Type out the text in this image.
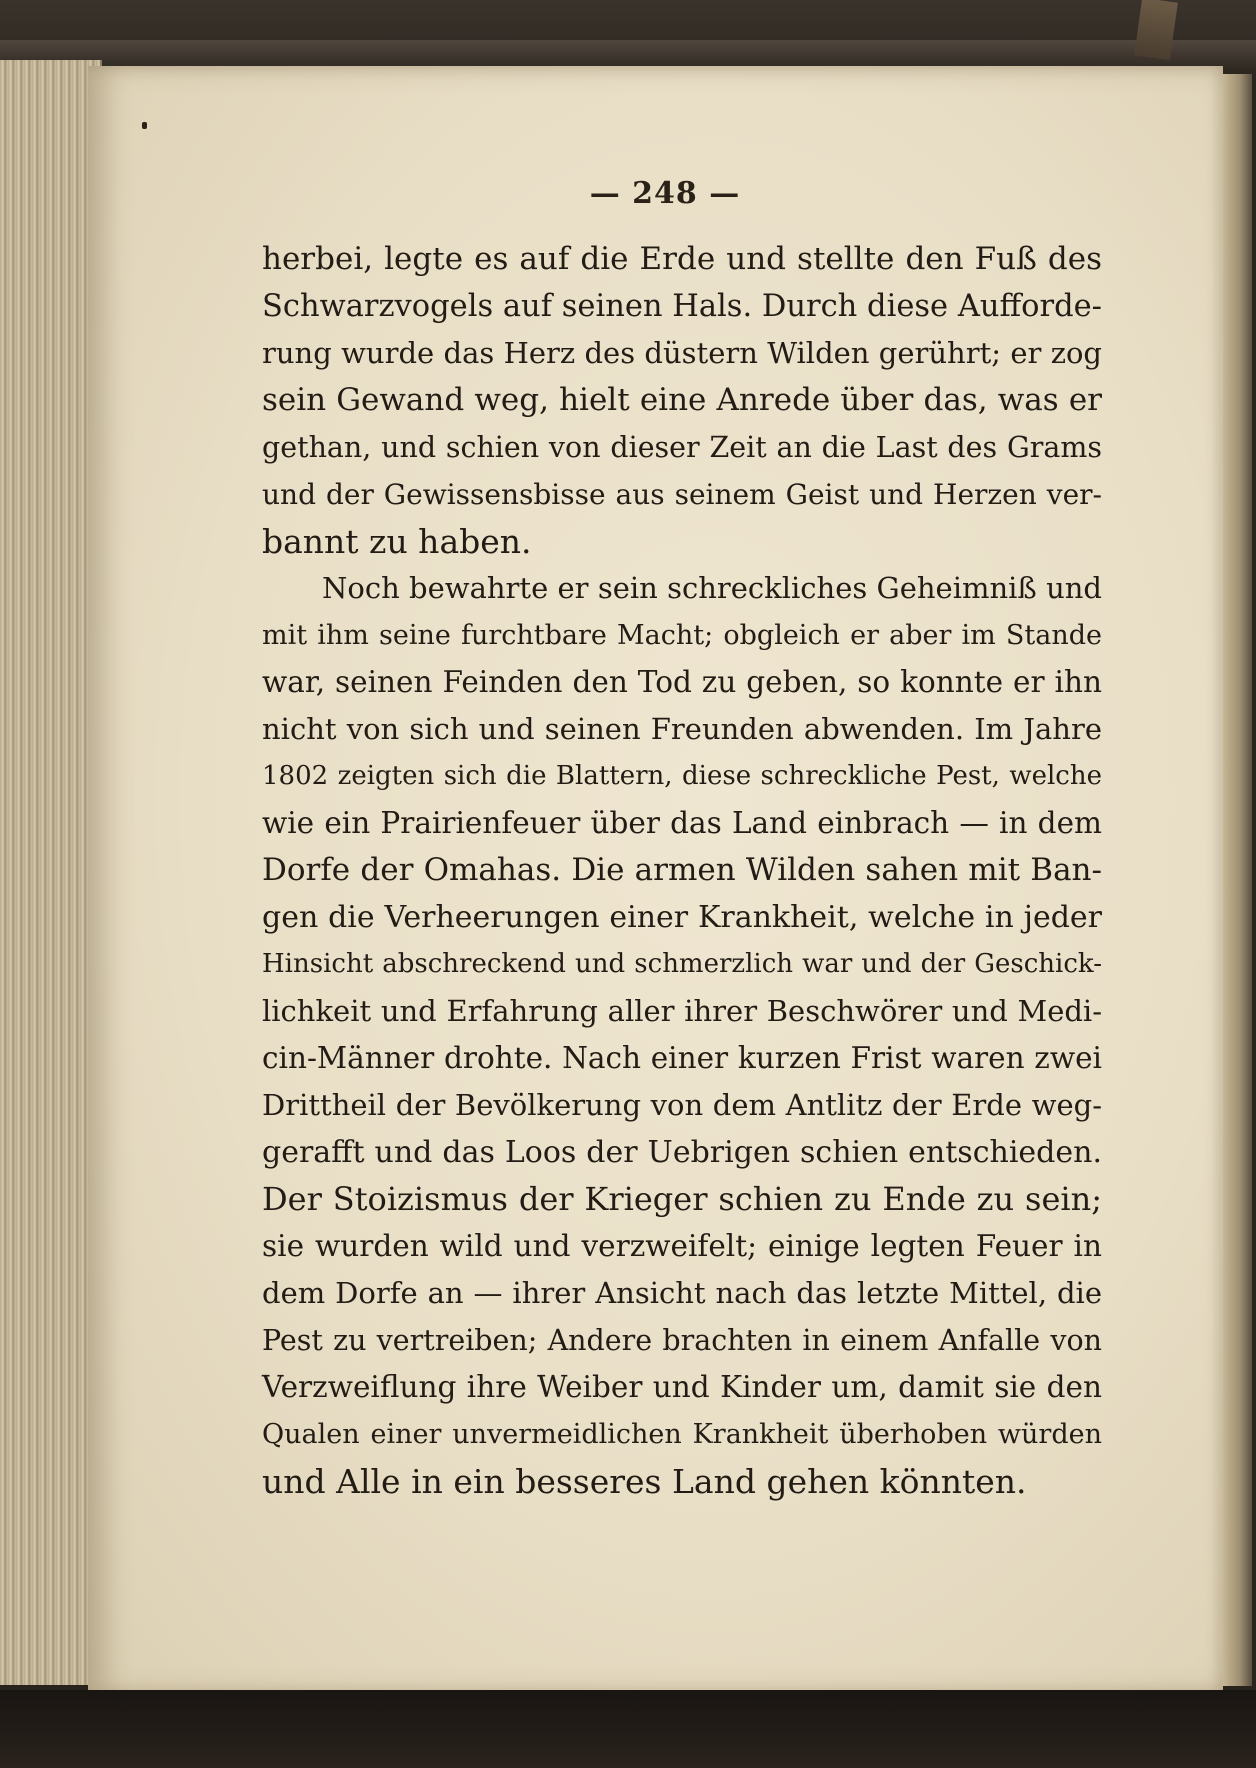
— 248 —
herbei, legte es auf die Erde und stellte den Fuß des
Schwarzvogels auf seinen Hals. Durch diese Aufforde-
rung wurde das Herz des düstern Wilden gerührt; er zog
sein Gewand weg, hielt eine Anrede über das, was er
gethan, und schien von dieser Zeit an die Last des Grams
und der Gewissensbisse aus seinem Geist und Herzen ver-
bannt zu haben.
Noch bewahrte er sein schreckliches Geheimniß und
mit ihm seine furchtbare Macht; obgleich er aber im Stande
war, seinen Feinden den Tod zu geben, so konnte er ihn
nicht von sich und seinen Freunden abwenden. Im Jahre
1802 zeigten sich die Blattern, diese schreckliche Pest, welche
wie ein Prairienfeuer über das Land einbrach — in dem
Dorfe der Omahas. Die armen Wilden sahen mit Ban-
gen die Verheerungen einer Krankheit, welche in jeder
Hinsicht abschreckend und schmerzlich war und der Geschick-
lichkeit und Erfahrung aller ihrer Beschwörer und Medi-
cin-Männer drohte. Nach einer kurzen Frist waren zwei
Drittheil der Bevölkerung von dem Antlitz der Erde weg-
gerafft und das Loos der Uebrigen schien entschieden.
Der Stoizismus der Krieger schien zu Ende zu sein;
sie wurden wild und verzweifelt; einige legten Feuer in
dem Dorfe an — ihrer Ansicht nach das letzte Mittel, die
Pest zu vertreiben; Andere brachten in einem Anfalle von
Verzweiflung ihre Weiber und Kinder um, damit sie den
Qualen einer unvermeidlichen Krankheit überhoben würden
und Alle in ein besseres Land gehen könnten.
